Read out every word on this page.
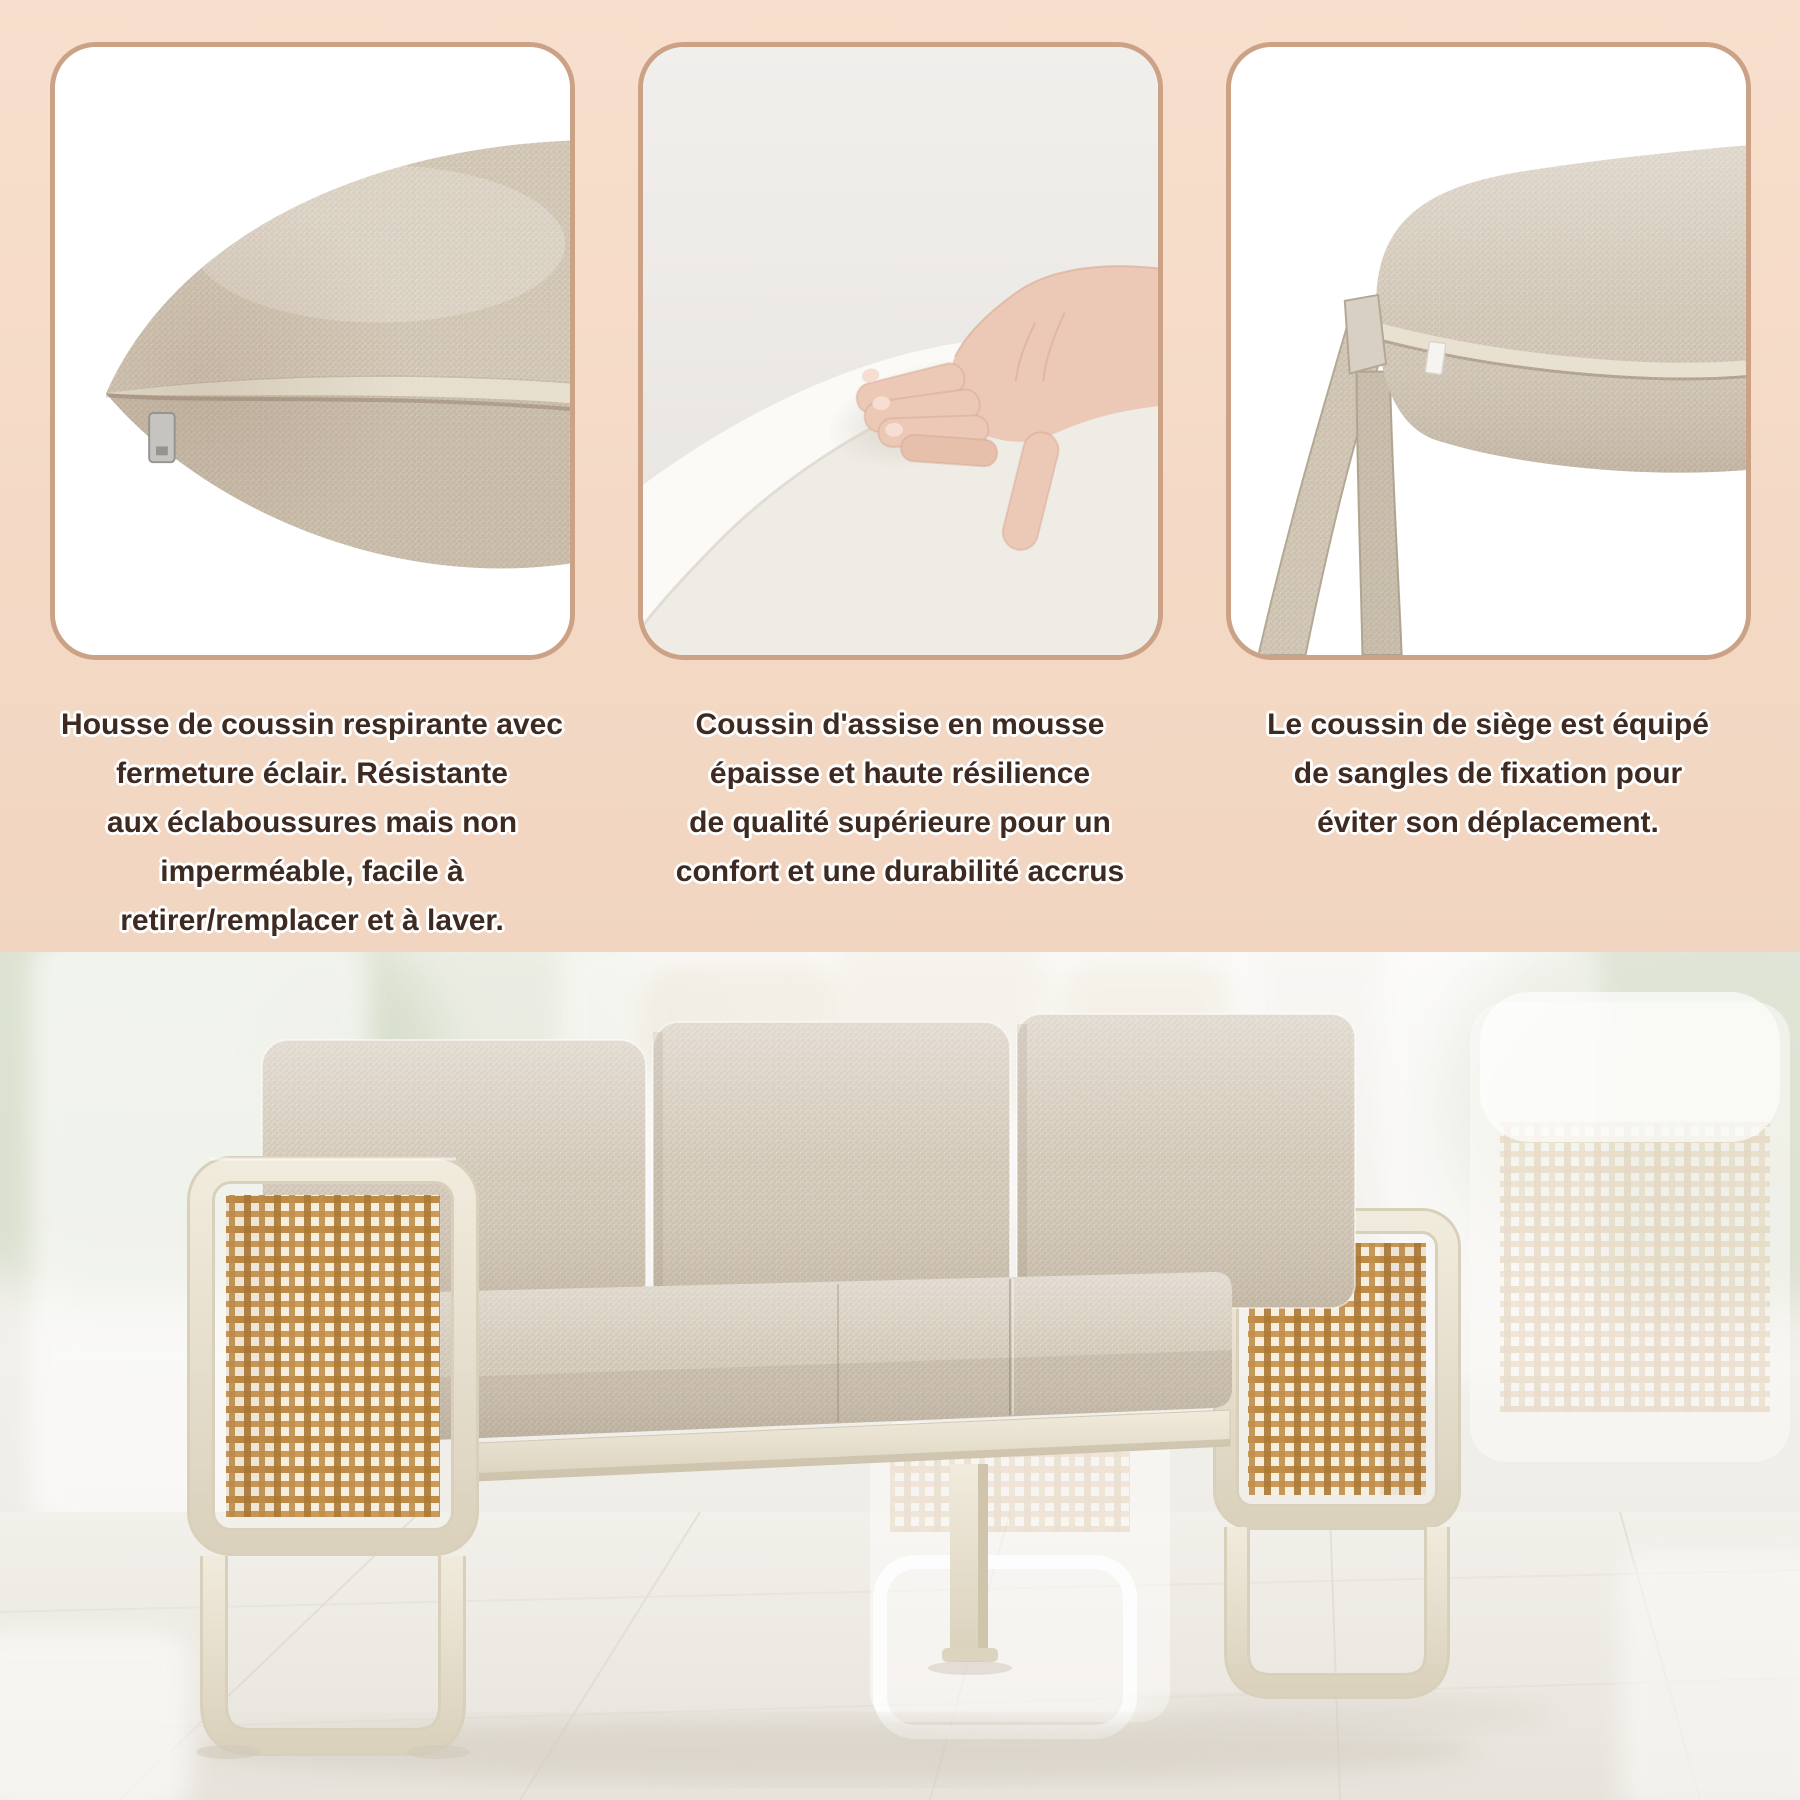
Housse de coussin respirante avec
fermeture éclair. Résistante
aux éclaboussures mais non
imperméable, facile à
retirer/remplacer et à laver.
Coussin d'assise en mousse
épaisse et haute résilience
de qualité supérieure pour un
confort et une durabilité accrus
Le coussin de siège est équipé
de sangles de fixation pour
éviter son déplacement.
